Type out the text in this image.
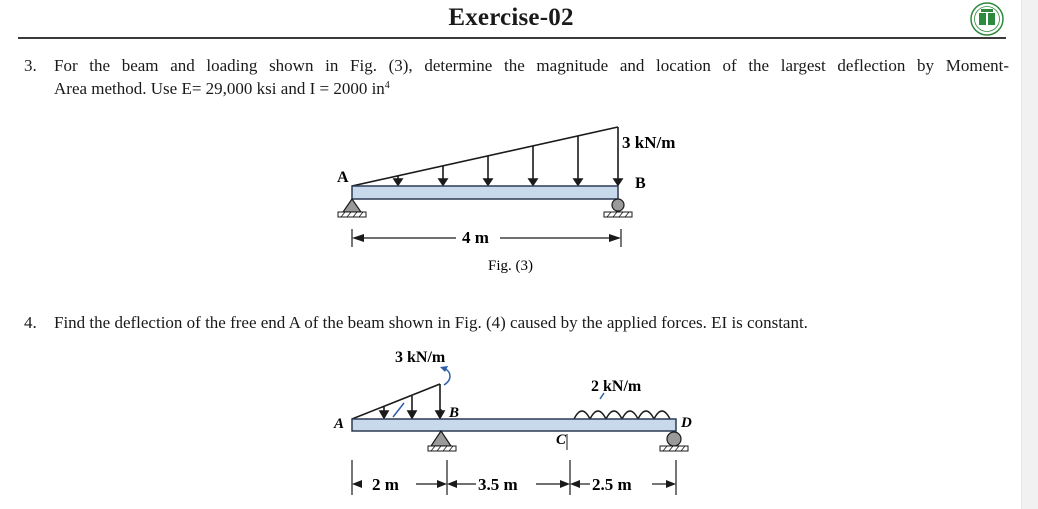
Exercise-02
3. For the beam and loading shown in Fig. (3), determine the magnitude and location of the largest deflection by Moment-
Area method. Use E= 29,000 ksi and I = 2000 $in^4$
3 kN/m
A	B
4 m
Fig. (3)
4. Find the deflection of the free end A of the beam shown in Fig. (4) caused by the applied forces. EI is constant.
3 kN/m
2 kN/m
A
B
C
D
2 m	3.5 m	2.5 m
